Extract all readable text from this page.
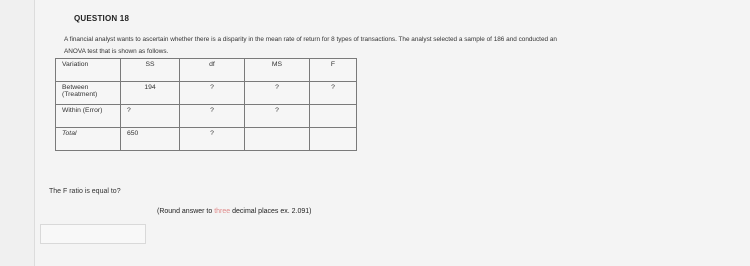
QUESTION 18
A financial analyst wants to ascertain whether there is a disparity in the mean rate of return for 8 types of transactions. The analyst selected a sample of 186 and conducted an
ANOVA test that is shown as follows.
Variation	SS	df	MS	F

Between
(Treatment)	194	?	?	?
Within (Error)	?	?	?	
Total	650	?		
The F ratio is equal to?
(Round answer to three decimal places ex. 2.091)
